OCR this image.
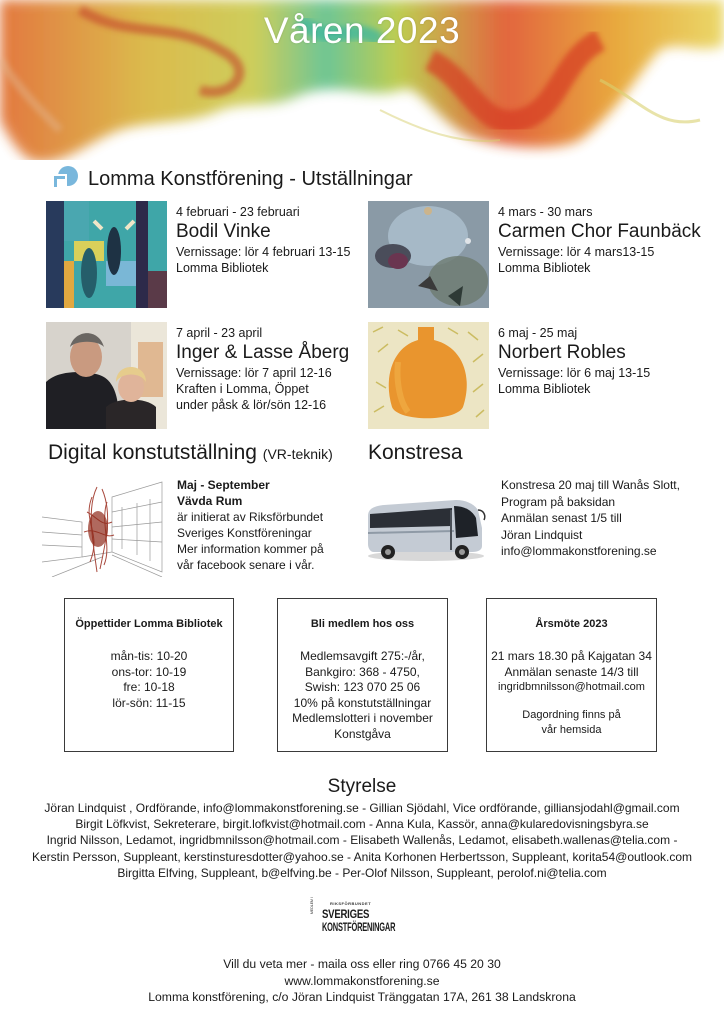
Våren 2023
Lomma Konstförening - Utställningar
4 februari - 23 februari
Bodil Vinke
Vernissage: lör 4 februari 13-15
Lomma Bibliotek
4 mars - 30 mars
Carmen Chor Faunbäck
Vernissage: lör 4 mars13-15
Lomma Bibliotek
7 april - 23 april
Inger & Lasse Åberg
Vernissage: lör 7 april 12-16
Kraften i Lomma, Öppet
under påsk & lör/sön 12-16
6 maj - 25 maj
Norbert Robles
Vernissage: lör 6 maj 13-15
Lomma Bibliotek
Digital konstutställning (VR-teknik)
Maj - September
Vävda Rum
är initierat av Riksförbundet
Sveriges Konstföreningar
Mer information kommer på
vår facebook senare i vår.
Konstresa
Konstresa 20 maj till Wanås Slott,
Program på baksidan
Anmälan senast 1/5 till
Jöran Lindquist
info@lommakonstforening.se
Öppettider Lomma Bibliotek
mån-tis: 10-20
ons-tor: 10-19
fre: 10-18
lör-sön: 11-15
Bli medlem hos oss
Medlemsavgift 275:-/år,
Bankgiro: 368 - 4750,
Swish: 123 070 25 06
10% på konstutställningar
Medlemslotteri i november
Konstgåva
Årsmöte 2023
21 mars 18.30 på Kajgatan 34
Anmälan senaste 14/3 till
ingridbmnilsson@hotmail.com
Dagordning finns på
vår hemsida
Styrelse
Jöran Lindquist , Ordförande, info@lommakonstforening.se - Gillian Sjödahl, Vice ordförande, gilliansjodahl@gmail.com
Birgit Löfkvist, Sekreterare, birgit.lofkvist@hotmail.com - Anna Kula, Kassör, anna@kularedovisningsbyra.se
Ingrid Nilsson, Ledamot, ingridbmnilsson@hotmail.com - Elisabeth Wallenås, Ledamot, elisabeth.wallenas@telia.com -
Kerstin Persson, Suppleant, kerstinsturesdotter@yahoo.se - Anita Korhonen Herbertsson, Suppleant, korita54@outlook.com
Birgitta Elfving, Suppleant, b@elfving.be - Per-Olof Nilsson, Suppleant, perolof.ni@telia.com
RIKSFÖRBUNDET
MEDLEM I SVERIGES
KONSTFÖRENINGAR
Vill du veta mer - maila oss eller ring 0766 45 20 30
www.lommakonstforening.se
Lomma konstförening, c/o Jöran Lindquist Tränggatan 17A, 261 38 Landskrona
